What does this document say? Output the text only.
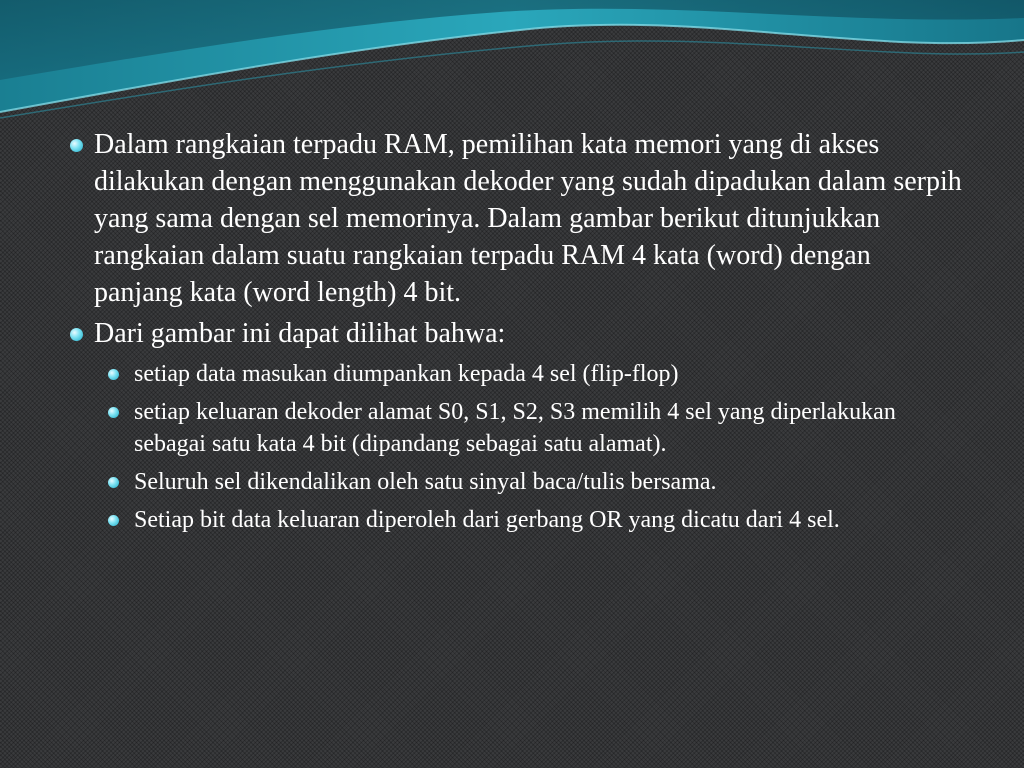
Dalam rangkaian terpadu RAM, pemilihan kata memori yang di akses dilakukan dengan menggunakan dekoder yang sudah dipadukan dalam serpih yang sama dengan sel memorinya. Dalam gambar berikut ditunjukkan rangkaian dalam suatu rangkaian terpadu RAM 4 kata (word) dengan panjang kata (word length) 4 bit.
Dari gambar ini dapat dilihat bahwa:
setiap data masukan diumpankan kepada 4 sel (flip-flop)
setiap keluaran dekoder alamat S0, S1, S2, S3 memilih 4 sel yang diperlakukan sebagai satu kata 4 bit (dipandang sebagai satu alamat).
Seluruh sel dikendalikan oleh satu sinyal baca/tulis bersama.
Setiap bit data keluaran diperoleh dari gerbang OR yang dicatu dari 4 sel.
